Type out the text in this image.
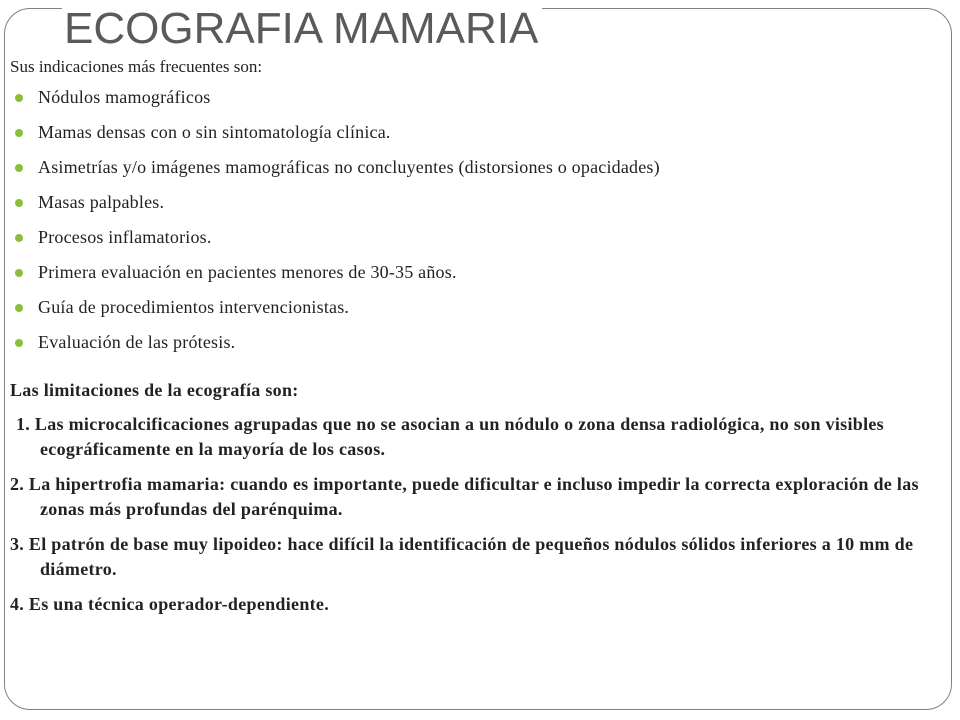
ECOGRAFIA MAMARIA

Sus indicaciones más frecuentes son:

Nódulos mamográficos
Mamas densas con o sin sintomatología clínica.
Asimetrías y/o imágenes mamográficas no concluyentes (distorsiones o opacidades)
Masas palpables.
Procesos inflamatorios.
Primera evaluación en pacientes menores de 30-35 años.
Guía de procedimientos intervencionistas.
Evaluación de las prótesis.

Las limitaciones de la ecografía son:

1. Las microcalcificaciones agrupadas que no se asocian a un nódulo o zona densa radiológica, no son visibles ecográficamente en la mayoría de los casos.
2. La hipertrofia mamaria: cuando es importante, puede dificultar e incluso impedir la correcta exploración de las zonas más profundas del parénquima.
3. El patrón de base muy lipoideo: hace difícil la identificación de pequeños nódulos sólidos inferiores a 10 mm de diámetro.
4. Es una técnica operador-dependiente.
